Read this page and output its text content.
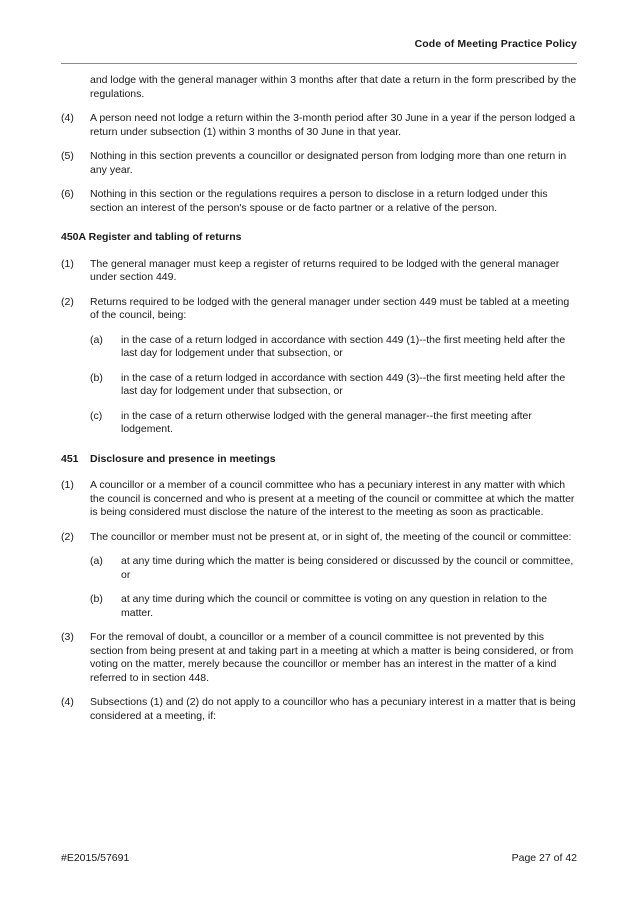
Code of Meeting Practice Policy
and lodge with the general manager within 3 months after that date a return in the form prescribed by the regulations.
(4)	A person need not lodge a return within the 3-month period after 30 June in a year if the person lodged a return under subsection (1) within 3 months of 30 June in that year.
(5)	Nothing in this section prevents a councillor or designated person from lodging more than one return in any year.
(6)	Nothing in this section or the regulations requires a person to disclose in a return lodged under this section an interest of the person's spouse or de facto partner or a relative of the person.
450A Register and tabling of returns
(1)	The general manager must keep a register of returns required to be lodged with the general manager under section 449.
(2)	Returns required to be lodged with the general manager under section 449 must be tabled at a meeting of the council, being:
(a)	in the case of a return lodged in accordance with section 449 (1)--the first meeting held after the last day for lodgement under that subsection, or
(b)	in the case of a return lodged in accordance with section 449 (3)--the first meeting held after the last day for lodgement under that subsection, or
(c)	in the case of a return otherwise lodged with the general manager--the first meeting after lodgement.
451	Disclosure and presence in meetings
(1)	A councillor or a member of a council committee who has a pecuniary interest in any matter with which the council is concerned and who is present at a meeting of the council or committee at which the matter is being considered must disclose the nature of the interest to the meeting as soon as practicable.
(2)	The councillor or member must not be present at, or in sight of, the meeting of the council or committee:
(a)	at any time during which the matter is being considered or discussed by the council or committee, or
(b)	at any time during which the council or committee is voting on any question in relation to the matter.
(3)	For the removal of doubt, a councillor or a member of a council committee is not prevented by this section from being present at and taking part in a meeting at which a matter is being considered, or from voting on the matter, merely because the councillor or member has an interest in the matter of a kind referred to in section 448.
(4)	Subsections (1) and (2) do not apply to a councillor who has a pecuniary interest in a matter that is being considered at a meeting, if:
#E2015/57691	Page 27 of 42
